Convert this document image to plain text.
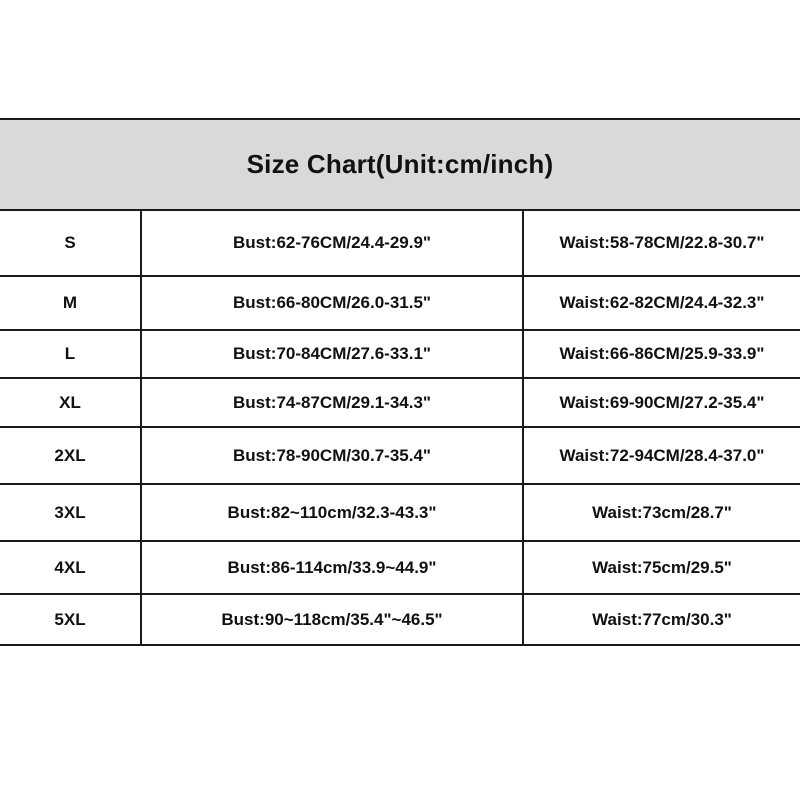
Size Chart(Unit:cm/inch)
S	Bust:62-76CM/24.4-29.9"	Waist:58-78CM/22.8-30.7"
M	Bust:66-80CM/26.0-31.5"	Waist:62-82CM/24.4-32.3"
L	Bust:70-84CM/27.6-33.1"	Waist:66-86CM/25.9-33.9"
XL	Bust:74-87CM/29.1-34.3"	Waist:69-90CM/27.2-35.4"
2XL	Bust:78-90CM/30.7-35.4"	Waist:72-94CM/28.4-37.0"
3XL	Bust:82~110cm/32.3-43.3"	Waist:73cm/28.7"
4XL	Bust:86-114cm/33.9~44.9"	Waist:75cm/29.5"
5XL	Bust:90~118cm/35.4"~46.5"	Waist:77cm/30.3"
